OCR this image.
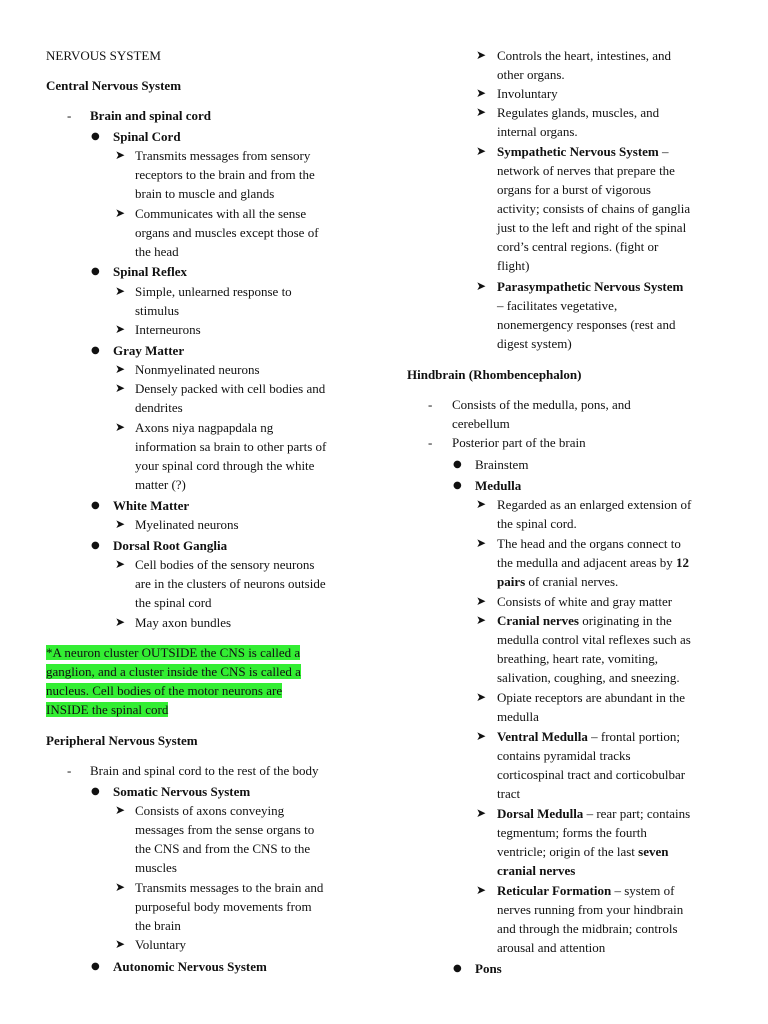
NERVOUS SYSTEM
Central Nervous System
- Brain and spinal cord
● Spinal Cord
➤ Transmits messages from sensory
receptors to the brain and from the
brain to muscle and glands
➤ Communicates with all the sense
organs and muscles except those of
the head
● Spinal Reflex
➤ Simple, unlearned response to
stimulus
➤ Interneurons
● Gray Matter
➤ Nonmyelinated neurons
➤ Densely packed with cell bodies and
dendrites
➤ Axons niya nagpapdala ng
information sa brain to other parts of
your spinal cord through the white
matter (?)
● White Matter
➤ Myelinated neurons
● Dorsal Root Ganglia
➤ Cell bodies of the sensory neurons
are in the clusters of neurons outside
the spinal cord
➤ May axon bundles
*A neuron cluster OUTSIDE the CNS is called a
ganglion, and a cluster inside the CNS is called a
nucleus. Cell bodies of the motor neurons are
INSIDE the spinal cord
Peripheral Nervous System
- Brain and spinal cord to the rest of the body
● Somatic Nervous System
➤ Consists of axons conveying
messages from the sense organs to
the CNS and from the CNS to the
muscles
➤ Transmits messages to the brain and
purposeful body movements from
the brain
➤ Voluntary
● Autonomic Nervous System
➤ Controls the heart, intestines, and
other organs.
➤ Involuntary
➤ Regulates glands, muscles, and
internal organs.
➤ Sympathetic Nervous System –
network of nerves that prepare the
organs for a burst of vigorous
activity; consists of chains of ganglia
just to the left and right of the spinal
cord’s central regions. (fight or
flight)
➤ Parasympathetic Nervous System
– facilitates vegetative,
nonemergency responses (rest and
digest system)
Hindbrain (Rhombencephalon)
- Consists of the medulla, pons, and
cerebellum
- Posterior part of the brain
● Brainstem
● Medulla
➤ Regarded as an enlarged extension of
the spinal cord.
➤ The head and the organs connect to
the medulla and adjacent areas by 12
pairs of cranial nerves.
➤ Consists of white and gray matter
➤ Cranial nerves originating in the
medulla control vital reflexes such as
breathing, heart rate, vomiting,
salivation, coughing, and sneezing.
➤ Opiate receptors are abundant in the
medulla
➤ Ventral Medulla – frontal portion;
contains pyramidal tracks
corticospinal tract and corticobulbar
tract
➤ Dorsal Medulla – rear part; contains
tegmentum; forms the fourth
ventricle; origin of the last seven
cranial nerves
➤ Reticular Formation – system of
nerves running from your hindbrain
and through the midbrain; controls
arousal and attention
● Pons
